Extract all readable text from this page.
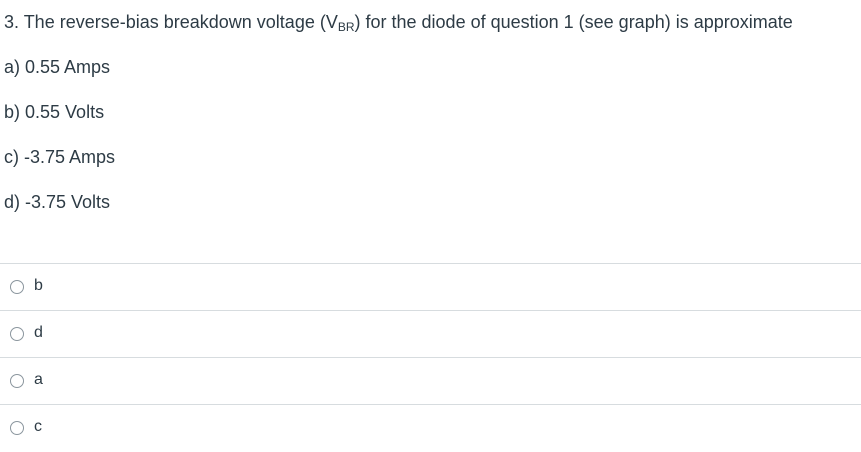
3. The reverse-bias breakdown voltage $(V_{BR})$ for the diode of question 1 (see graph) is approximate
a) 0.55 Amps
b) 0.55 Volts
c) -3.75 Amps
d) -3.75 Volts
b
d
a
c
